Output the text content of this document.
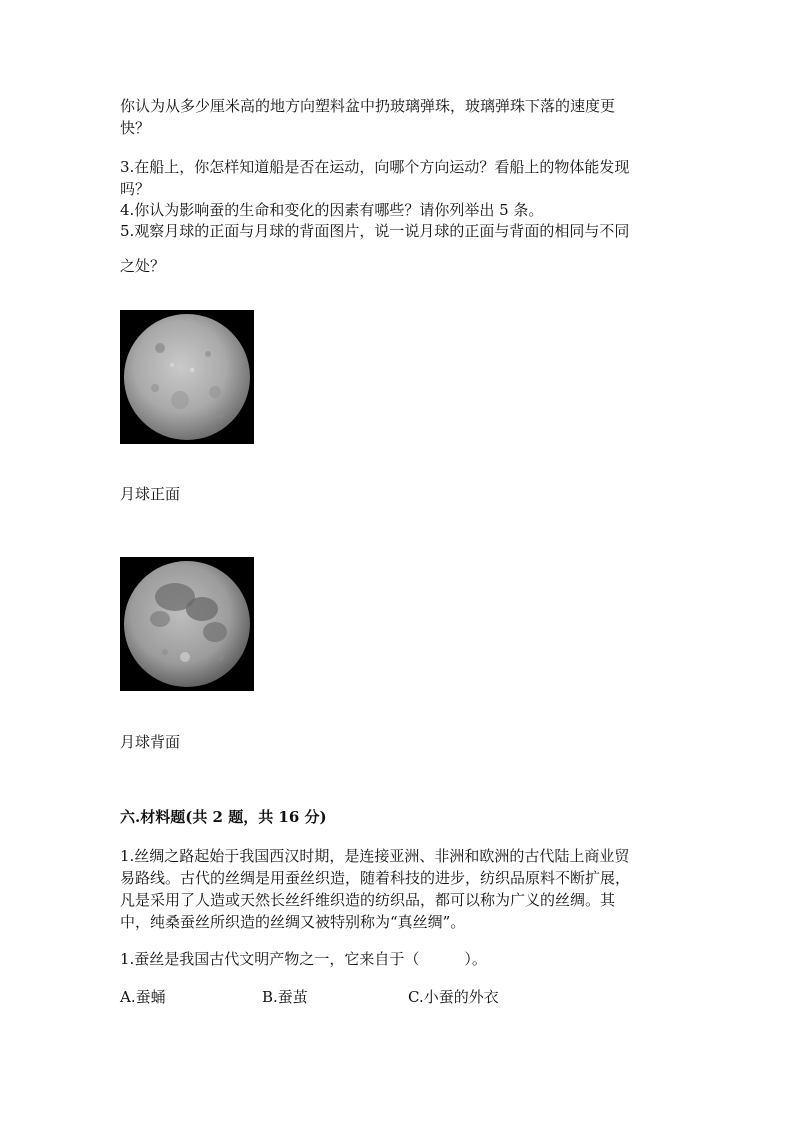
你认为从多少厘米高的地方向塑料盆中扔玻璃弹珠，玻璃弹珠下落的速度更
快？
3.在船上，你怎样知道船是否在运动，向哪个方向运动？看船上的物体能发现
吗？
4.你认为影响蚕的生命和变化的因素有哪些？请你列举出 5 条。
5.观察月球的正面与月球的背面图片，说一说月球的正面与背面的相同与不同
之处？
月球正面
月球背面
六.材料题(共 2 题，共 16 分)
1.丝绸之路起始于我国西汉时期，是连接亚洲、非洲和欧洲的古代陆上商业贸
易路线。古代的丝绸是用蚕丝织造，随着科技的进步，纺织品原料不断扩展，
凡是采用了人造或天然长丝纤维织造的纺织品，都可以称为广义的丝绸。其
中，纯桑蚕丝所织造的丝绸又被特别称为“真丝绸”。
1.蚕丝是我国古代文明产物之一，它来自于（　　　）。
A.蚕蛹	B.蚕茧	C.小蚕的外衣
